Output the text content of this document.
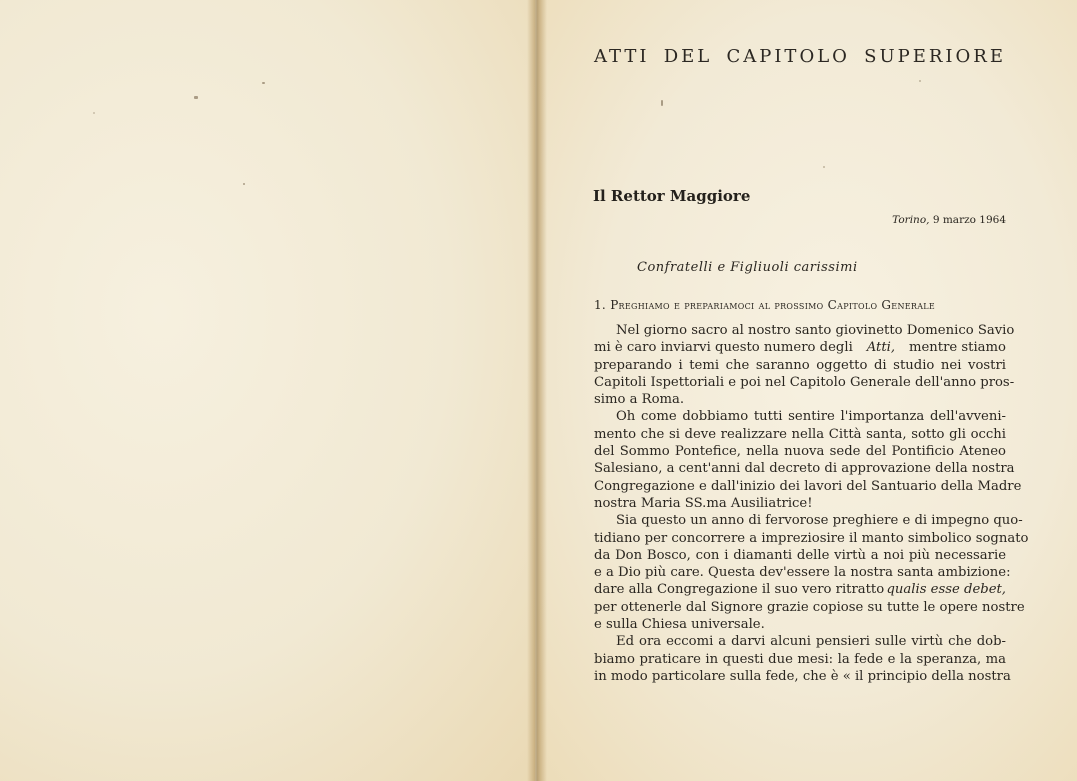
ATTI DEL CAPITOLO SUPERIORE
Il Rettor Maggiore
Torino, 9 marzo 1964
Confratelli e Figliuoli carissimi
1. Preghiamo e prepariamoci al prossimo Capitolo Generale
Nel giorno sacro al nostro santo giovinetto Domenico Savio
mi è caro inviarvi questo numero degli Atti, mentre stiamo
preparando i temi che saranno oggetto di studio nei vostri
Capitoli Ispettoriali e poi nel Capitolo Generale dell'anno pros-
simo a Roma.
Oh come dobbiamo tutti sentire l'importanza dell'avveni-
mento che si deve realizzare nella Città santa, sotto gli occhi
del Sommo Pontefice, nella nuova sede del Pontificio Ateneo
Salesiano, a cent'anni dal decreto di approvazione della nostra
Congregazione e dall'inizio dei lavori del Santuario della Madre
nostra Maria SS.ma Ausiliatrice!
Sia questo un anno di fervorose preghiere e di impegno quo-
tidiano per concorrere a impreziosire il manto simbolico sognato
da Don Bosco, con i diamanti delle virtù a noi più necessarie
e a Dio più care. Questa dev'essere la nostra santa ambizione:
dare alla Congregazione il suo vero ritratto qualis esse debet,
per ottenerle dal Signore grazie copiose su tutte le opere nostre
e sulla Chiesa universale.
Ed ora eccomi a darvi alcuni pensieri sulle virtù che dob-
biamo praticare in questi due mesi: la fede e la speranza, ma
in modo particolare sulla fede, che è « il principio della nostra
